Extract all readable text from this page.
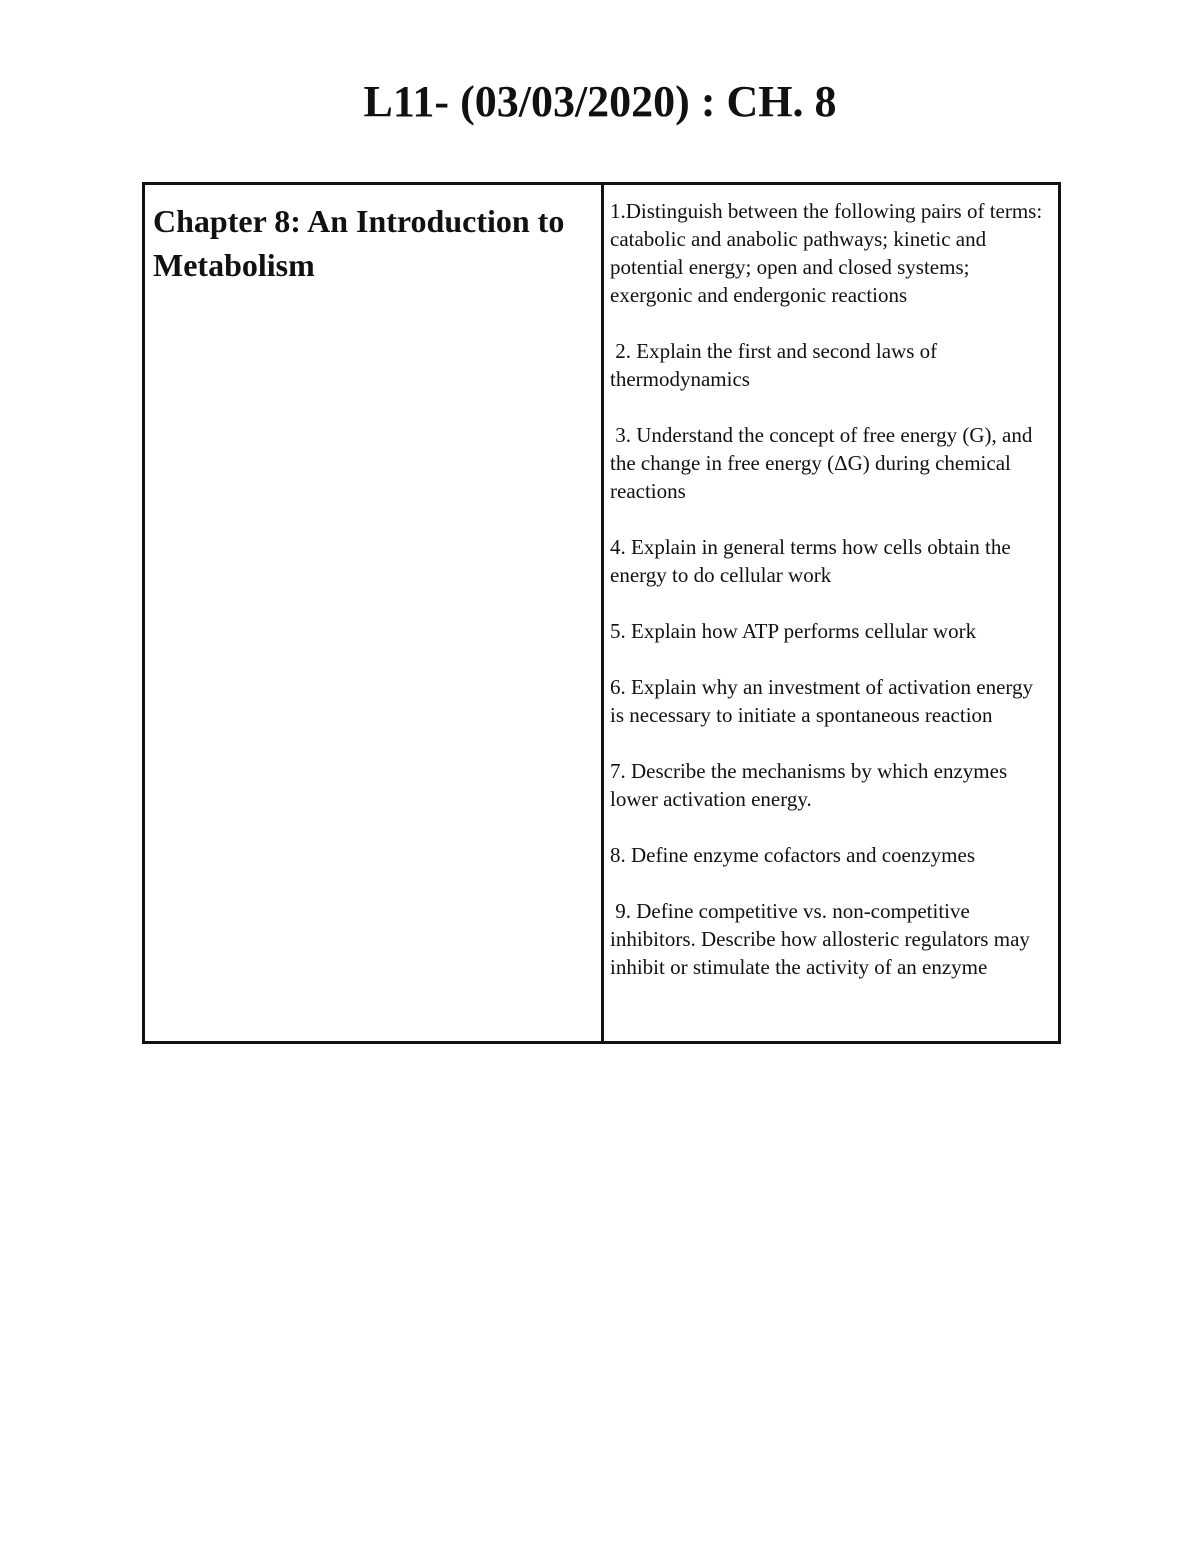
L11- (03/03/2020) : CH. 8

Chapter 8: An Introduction to Metabolism

1.Distinguish between the following pairs of terms: catabolic and anabolic pathways; kinetic and potential energy; open and closed systems; exergonic and endergonic reactions

2. Explain the first and second laws of thermodynamics

3. Understand the concept of free energy (G), and the change in free energy (ΔG) during chemical reactions

4. Explain in general terms how cells obtain the energy to do cellular work

5. Explain how ATP performs cellular work

6. Explain why an investment of activation energy is necessary to initiate a spontaneous reaction

7. Describe the mechanisms by which enzymes lower activation energy.

8. Define enzyme cofactors and coenzymes

9. Define competitive vs. non-competitive inhibitors. Describe how allosteric regulators may inhibit or stimulate the activity of an enzyme
